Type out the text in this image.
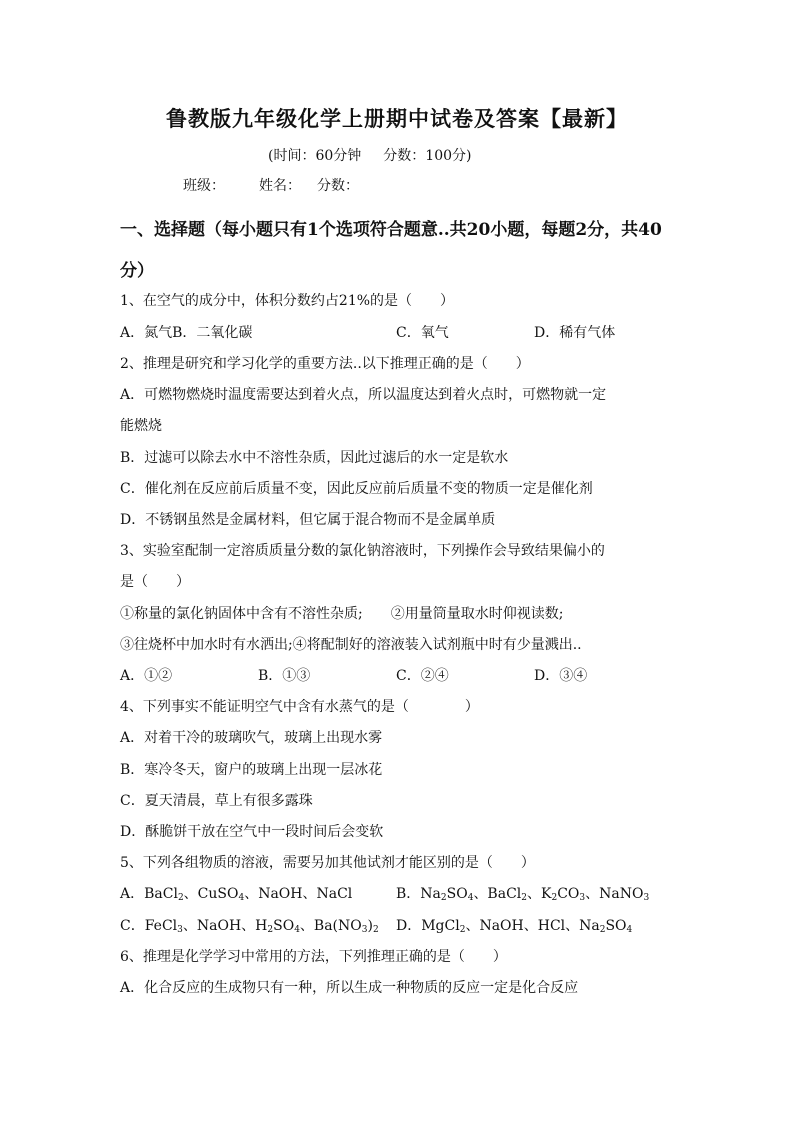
鲁教版九年级化学上册期中试卷及答案【最新】
(时间：60分钟 分数：100分)
班级： 姓名： 分数：
一、选择题（每小题只有1个选项符合题意..共20小题，每题2分，共40分）
1、在空气的成分中，体积分数约占21%的是（　　）
A．氮气B．二氧化碳	C．氧气	D．稀有气体
2、推理是研究和学习化学的重要方法..以下推理正确的是（　　）
A．可燃物燃烧时温度需要达到着火点，所以温度达到着火点时，可燃物就一定
能燃烧
B．过滤可以除去水中不溶性杂质，因此过滤后的水一定是软水
C．催化剂在反应前后质量不变，因此反应前后质量不变的物质一定是催化剂
D．不锈钢虽然是金属材料，但它属于混合物而不是金属单质
3、实验室配制一定溶质质量分数的氯化钠溶液时，下列操作会导致结果偏小的
是（　　）
①称量的氯化钠固体中含有不溶性杂质;　　②用量筒量取水时仰视读数;
③往烧杯中加水时有水洒出;④将配制好的溶液装入试剂瓶中时有少量溅出..
A．①②	B．①③	C．②④	D．③④
4、下列事实不能证明空气中含有水蒸气的是（　　　　）
A．对着干冷的玻璃吹气，玻璃上出现水雾
B．寒冷冬天，窗户的玻璃上出现一层冰花
C．夏天清晨，草上有很多露珠
D．酥脆饼干放在空气中一段时间后会变软
5、下列各组物质的溶液，需要另加其他试剂才能区别的是（　　）
A．BaCl$_2$、CuSO$_4$、NaOH、NaCl	B．$Na_2SO_4$、BaCl$_2$、$K_2CO_3$、NaNO$_3$
C．FeCl$_3$、NaOH、$H_2SO_4$、$Ba(NO_3)_2$ D．MgCl$_2$、NaOH、HCl、$Na_2SO_4$
6、推理是化学学习中常用的方法，下列推理正确的是（　　）
A．化合反应的生成物只有一种，所以生成一种物质的反应一定是化合反应
